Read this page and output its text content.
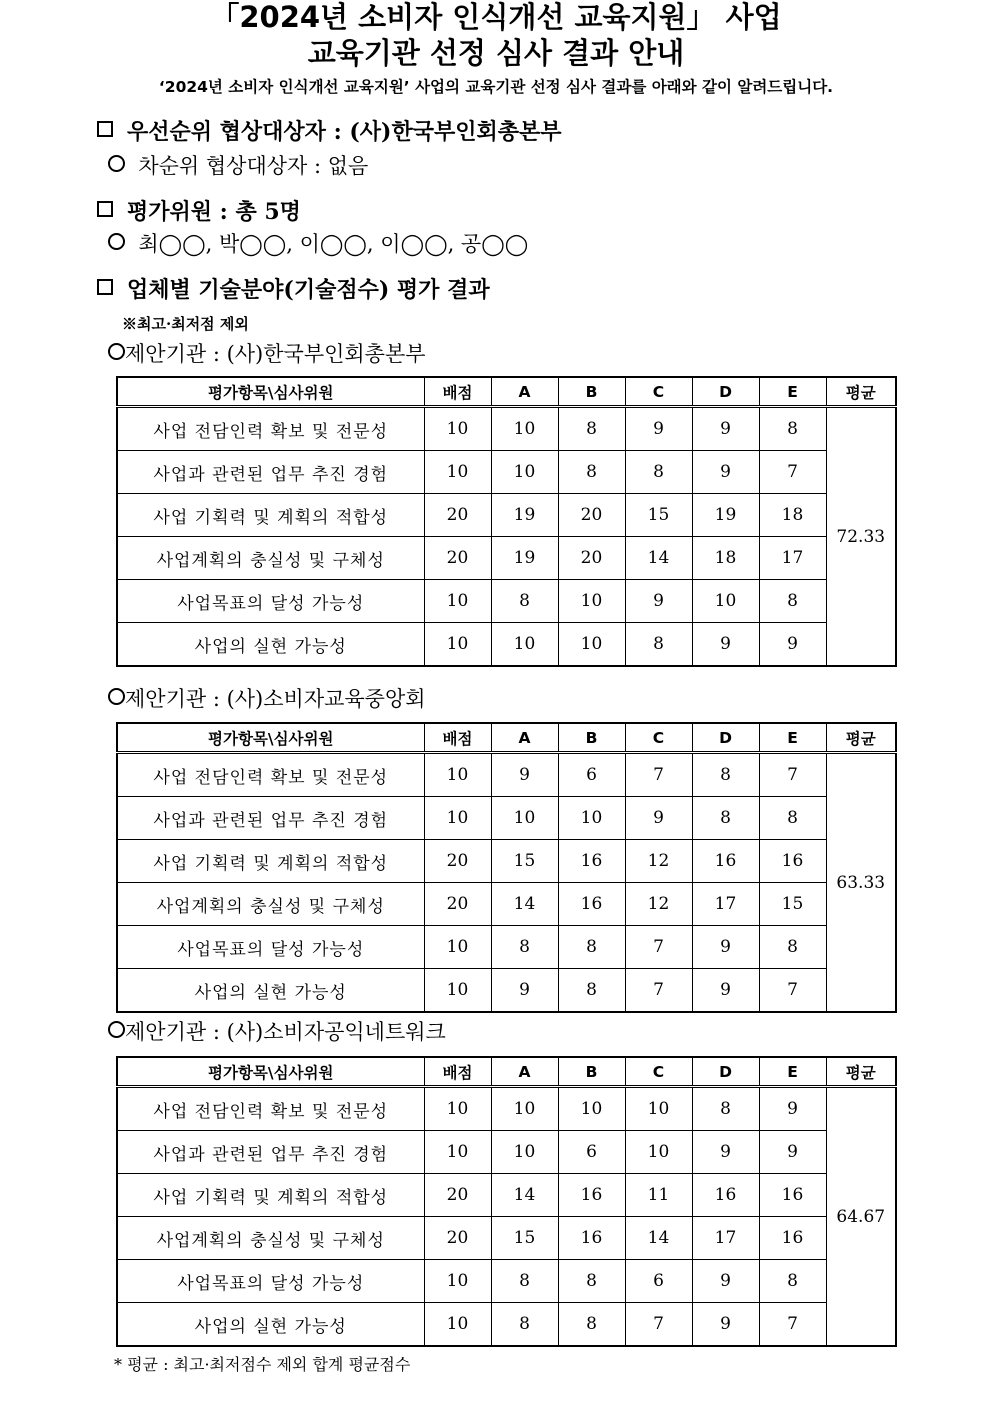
「2024년 소비자 인식개선 교육지원」 사업
교육기관 선정 심사 결과 안내
‘2024년 소비자 인식개선 교육지원’ 사업의 교육기관 선정 심사 결과를 아래와 같이 알려드립니다.
우선순위 협상대상자 : (사)한국부인회총본부
차순위 협상대상자 : 없음
평가위원 : 총 5명
최◯◯, 박◯◯, 이◯◯, 이◯◯, 공◯◯
업체별 기술분야(기술점수) 평가 결과
※최고·최저점 제외
제안기관 : (사)한국부인회총본부
평가항목\심사위원	배점	A	B	C	D	E	평균
사업 전담인력 확보 및 전문성	10	10	8	9	9	8	72.33
사업과 관련된 업무 추진 경험	10	10	8	8	9	7	
사업 기획력 및 계획의 적합성	20	19	20	15	19	18	
사업계획의 충실성 및 구체성	20	19	20	14	18	17	
사업목표의 달성 가능성	10	8	10	9	10	8	
사업의 실현 가능성	10	10	10	8	9	9	
제안기관 : (사)소비자교육중앙회
평가항목\심사위원	배점	A	B	C	D	E	평균
사업 전담인력 확보 및 전문성	10	9	6	7	8	7	63.33
사업과 관련된 업무 추진 경험	10	10	10	9	8	8	
사업 기획력 및 계획의 적합성	20	15	16	12	16	16	
사업계획의 충실성 및 구체성	20	14	16	12	17	15	
사업목표의 달성 가능성	10	8	8	7	9	8	
사업의 실현 가능성	10	9	8	7	9	7	
제안기관 : (사)소비자공익네트워크
평가항목\심사위원	배점	A	B	C	D	E	평균
사업 전담인력 확보 및 전문성	10	10	10	10	8	9	64.67
사업과 관련된 업무 추진 경험	10	10	6	10	9	9	
사업 기획력 및 계획의 적합성	20	14	16	11	16	16	
사업계획의 충실성 및 구체성	20	15	16	14	17	16	
사업목표의 달성 가능성	10	8	8	6	9	8	
사업의 실현 가능성	10	8	8	7	9	7	
* 평균 : 최고·최저점수 제외 합계 평균점수
